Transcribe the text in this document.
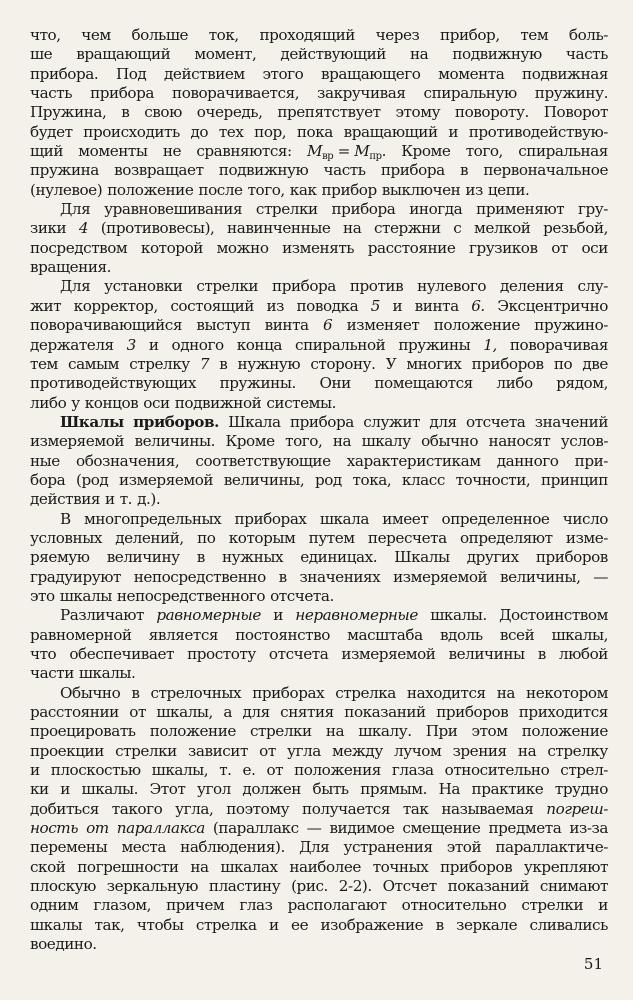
что, чем больше ток, проходящий через прибор, тем боль-
ше вращающий момент, действующий на подвижную часть
прибора. Под действием этого вращающего момента подвижная
часть прибора поворачивается, закручивая спиральную пружину.
Пружина, в свою очередь, препятствует этому повороту. Поворот
будет происходить до тех пор, пока вращающий и противодействую-
щий моменты не сравняются: $M_{вр} = M_{пр}$. Кроме того, спиральная
пружина возвращает подвижную часть прибора в первоначальное
(нулевое) положение после того, как прибор выключен из цепи.
Для уравновешивания стрелки прибора иногда применяют гру-
зики 4 (противовесы), навинченные на стержни с мелкой резьбой,
посредством которой можно изменять расстояние грузиков от оси
вращения.
Для установки стрелки прибора против нулевого деления слу-
жит корректор, состоящий из поводка 5 и винта 6. Эксцентрично
поворачивающийся выступ винта 6 изменяет положение пружино-
держателя 3 и одного конца спиральной пружины 1, поворачивая
тем самым стрелку 7 в нужную сторону. У многих приборов по две
противодействующих пружины. Они помещаются либо рядом,
либо у концов оси подвижной системы.
Шкалы приборов. Шкала прибора служит для отсчета значений
измеряемой величины. Кроме того, на шкалу обычно наносят услов-
ные обозначения, соответствующие характеристикам данного при-
бора (род измеряемой величины, род тока, класс точности, принцип
действия и т. д.).
В многопредельных приборах шкала имеет определенное число
условных делений, по которым путем пересчета определяют изме-
ряемую величину в нужных единицах. Шкалы других приборов
градуируют непосредственно в значениях измеряемой величины, —
это шкалы непосредственного отсчета.
Различают равномерные и неравномерные шкалы. Достоинством
равномерной является постоянство масштаба вдоль всей шкалы,
что обеспечивает простоту отсчета измеряемой величины в любой
части шкалы.
Обычно в стрелочных приборах стрелка находится на некотором
расстоянии от шкалы, а для снятия показаний приборов приходится
проецировать положение стрелки на шкалу. При этом положение
проекции стрелки зависит от угла между лучом зрения на стрелку
и плоскостью шкалы, т. е. от положения глаза относительно стрел-
ки и шкалы. Этот угол должен быть прямым. На практике трудно
добиться такого угла, поэтому получается так называемая погреш-
ность от параллакса (параллакс — видимое смещение предмета из-за
перемены места наблюдения). Для устранения этой параллактиче-
ской погрешности на шкалах наиболее точных приборов укрепляют
плоскую зеркальную пластину (рис. 2-2). Отсчет показаний снимают
одним глазом, причем глаз располагают относительно стрелки и
шкалы так, чтобы стрелка и ее изображение в зеркале сливались
воедино.
51
